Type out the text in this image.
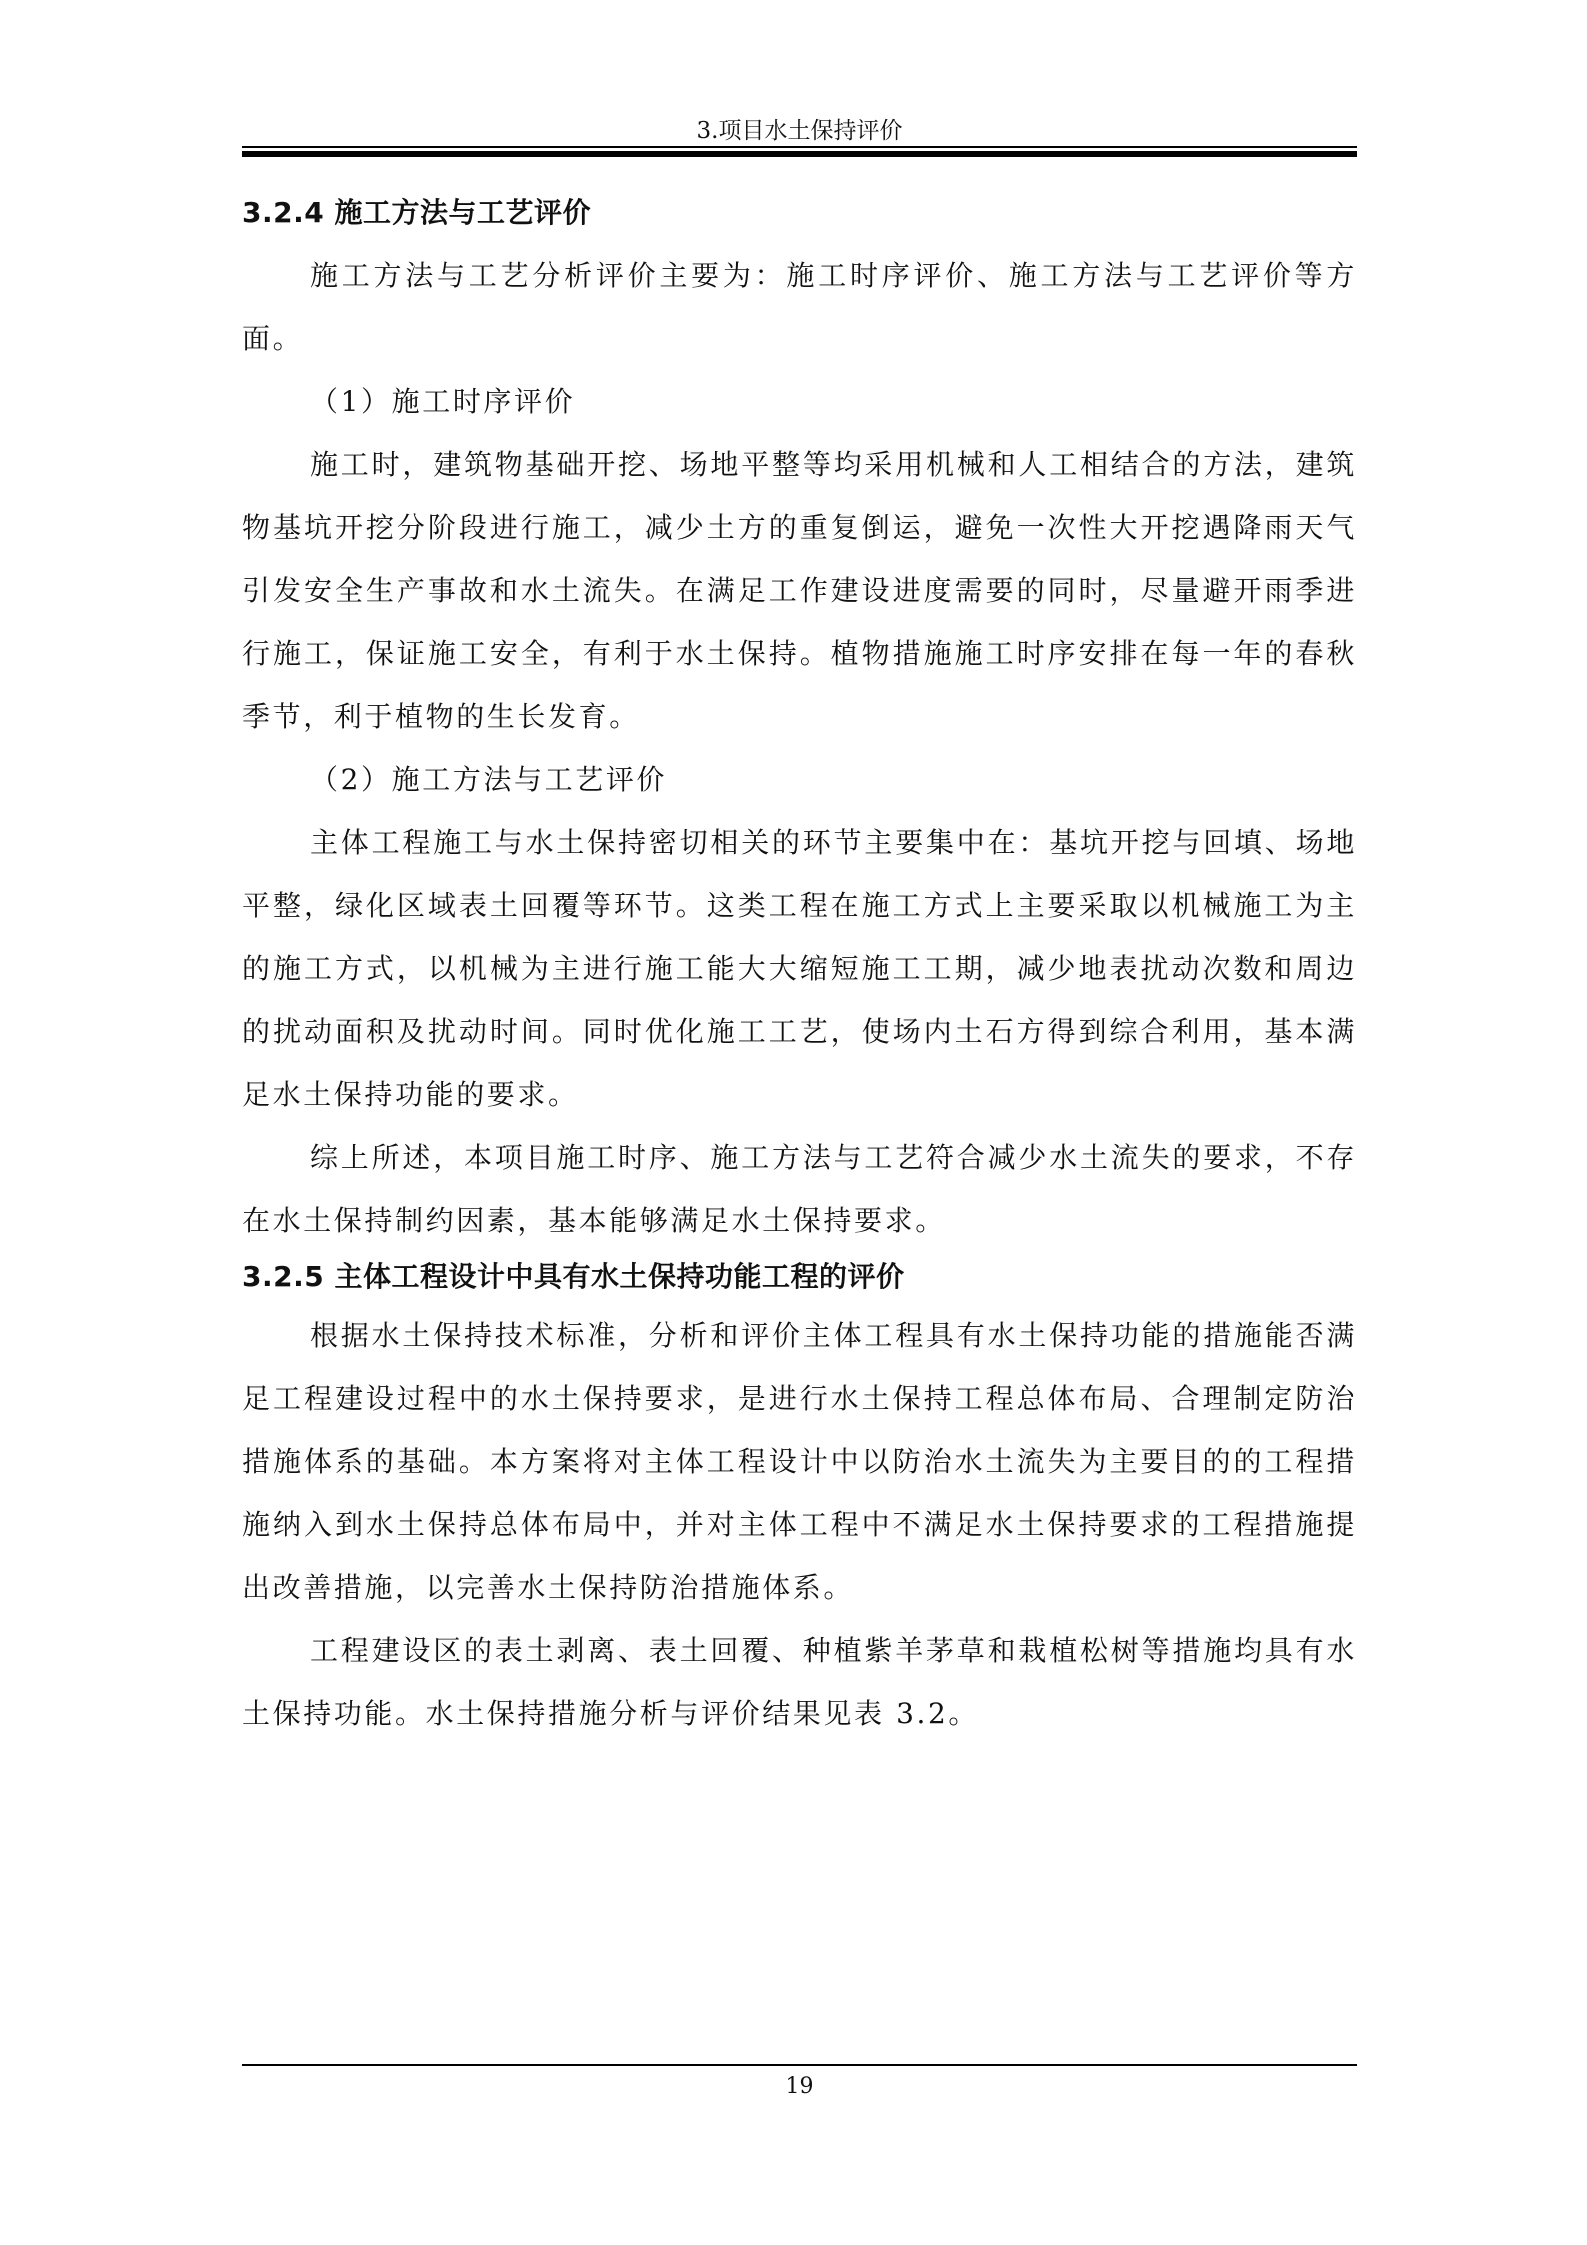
3.项目水土保持评价
3.2.4 施工方法与工艺评价

施工方法与工艺分析评价主要为：施工时序评价、施工方法与工艺评价等方面。

（1）施工时序评价

施工时，建筑物基础开挖、场地平整等均采用机械和人工相结合的方法，建筑物基坑开挖分阶段进行施工，减少土方的重复倒运，避免一次性大开挖遇降雨天气引发安全生产事故和水土流失。在满足工作建设进度需要的同时，尽量避开雨季进行施工，保证施工安全，有利于水土保持。植物措施施工时序安排在每一年的春秋季节，利于植物的生长发育。

（2）施工方法与工艺评价

主体工程施工与水土保持密切相关的环节主要集中在：基坑开挖与回填、场地平整，绿化区域表土回覆等环节。这类工程在施工方式上主要采取以机械施工为主的施工方式，以机械为主进行施工能大大缩短施工工期，减少地表扰动次数和周边的扰动面积及扰动时间。同时优化施工工艺，使场内土石方得到综合利用，基本满足水土保持功能的要求。

综上所述，本项目施工时序、施工方法与工艺符合减少水土流失的要求，不存在水土保持制约因素，基本能够满足水土保持要求。

3.2.5 主体工程设计中具有水土保持功能工程的评价

根据水土保持技术标准，分析和评价主体工程具有水土保持功能的措施能否满足工程建设过程中的水土保持要求，是进行水土保持工程总体布局、合理制定防治措施体系的基础。本方案将对主体工程设计中以防治水土流失为主要目的的工程措施纳入到水土保持总体布局中，并对主体工程中不满足水土保持要求的工程措施提出改善措施，以完善水土保持防治措施体系。

工程建设区的表土剥离、表土回覆、种植紫羊茅草和栽植松树等措施均具有水土保持功能。水土保持措施分析与评价结果见表 3.2。

19
